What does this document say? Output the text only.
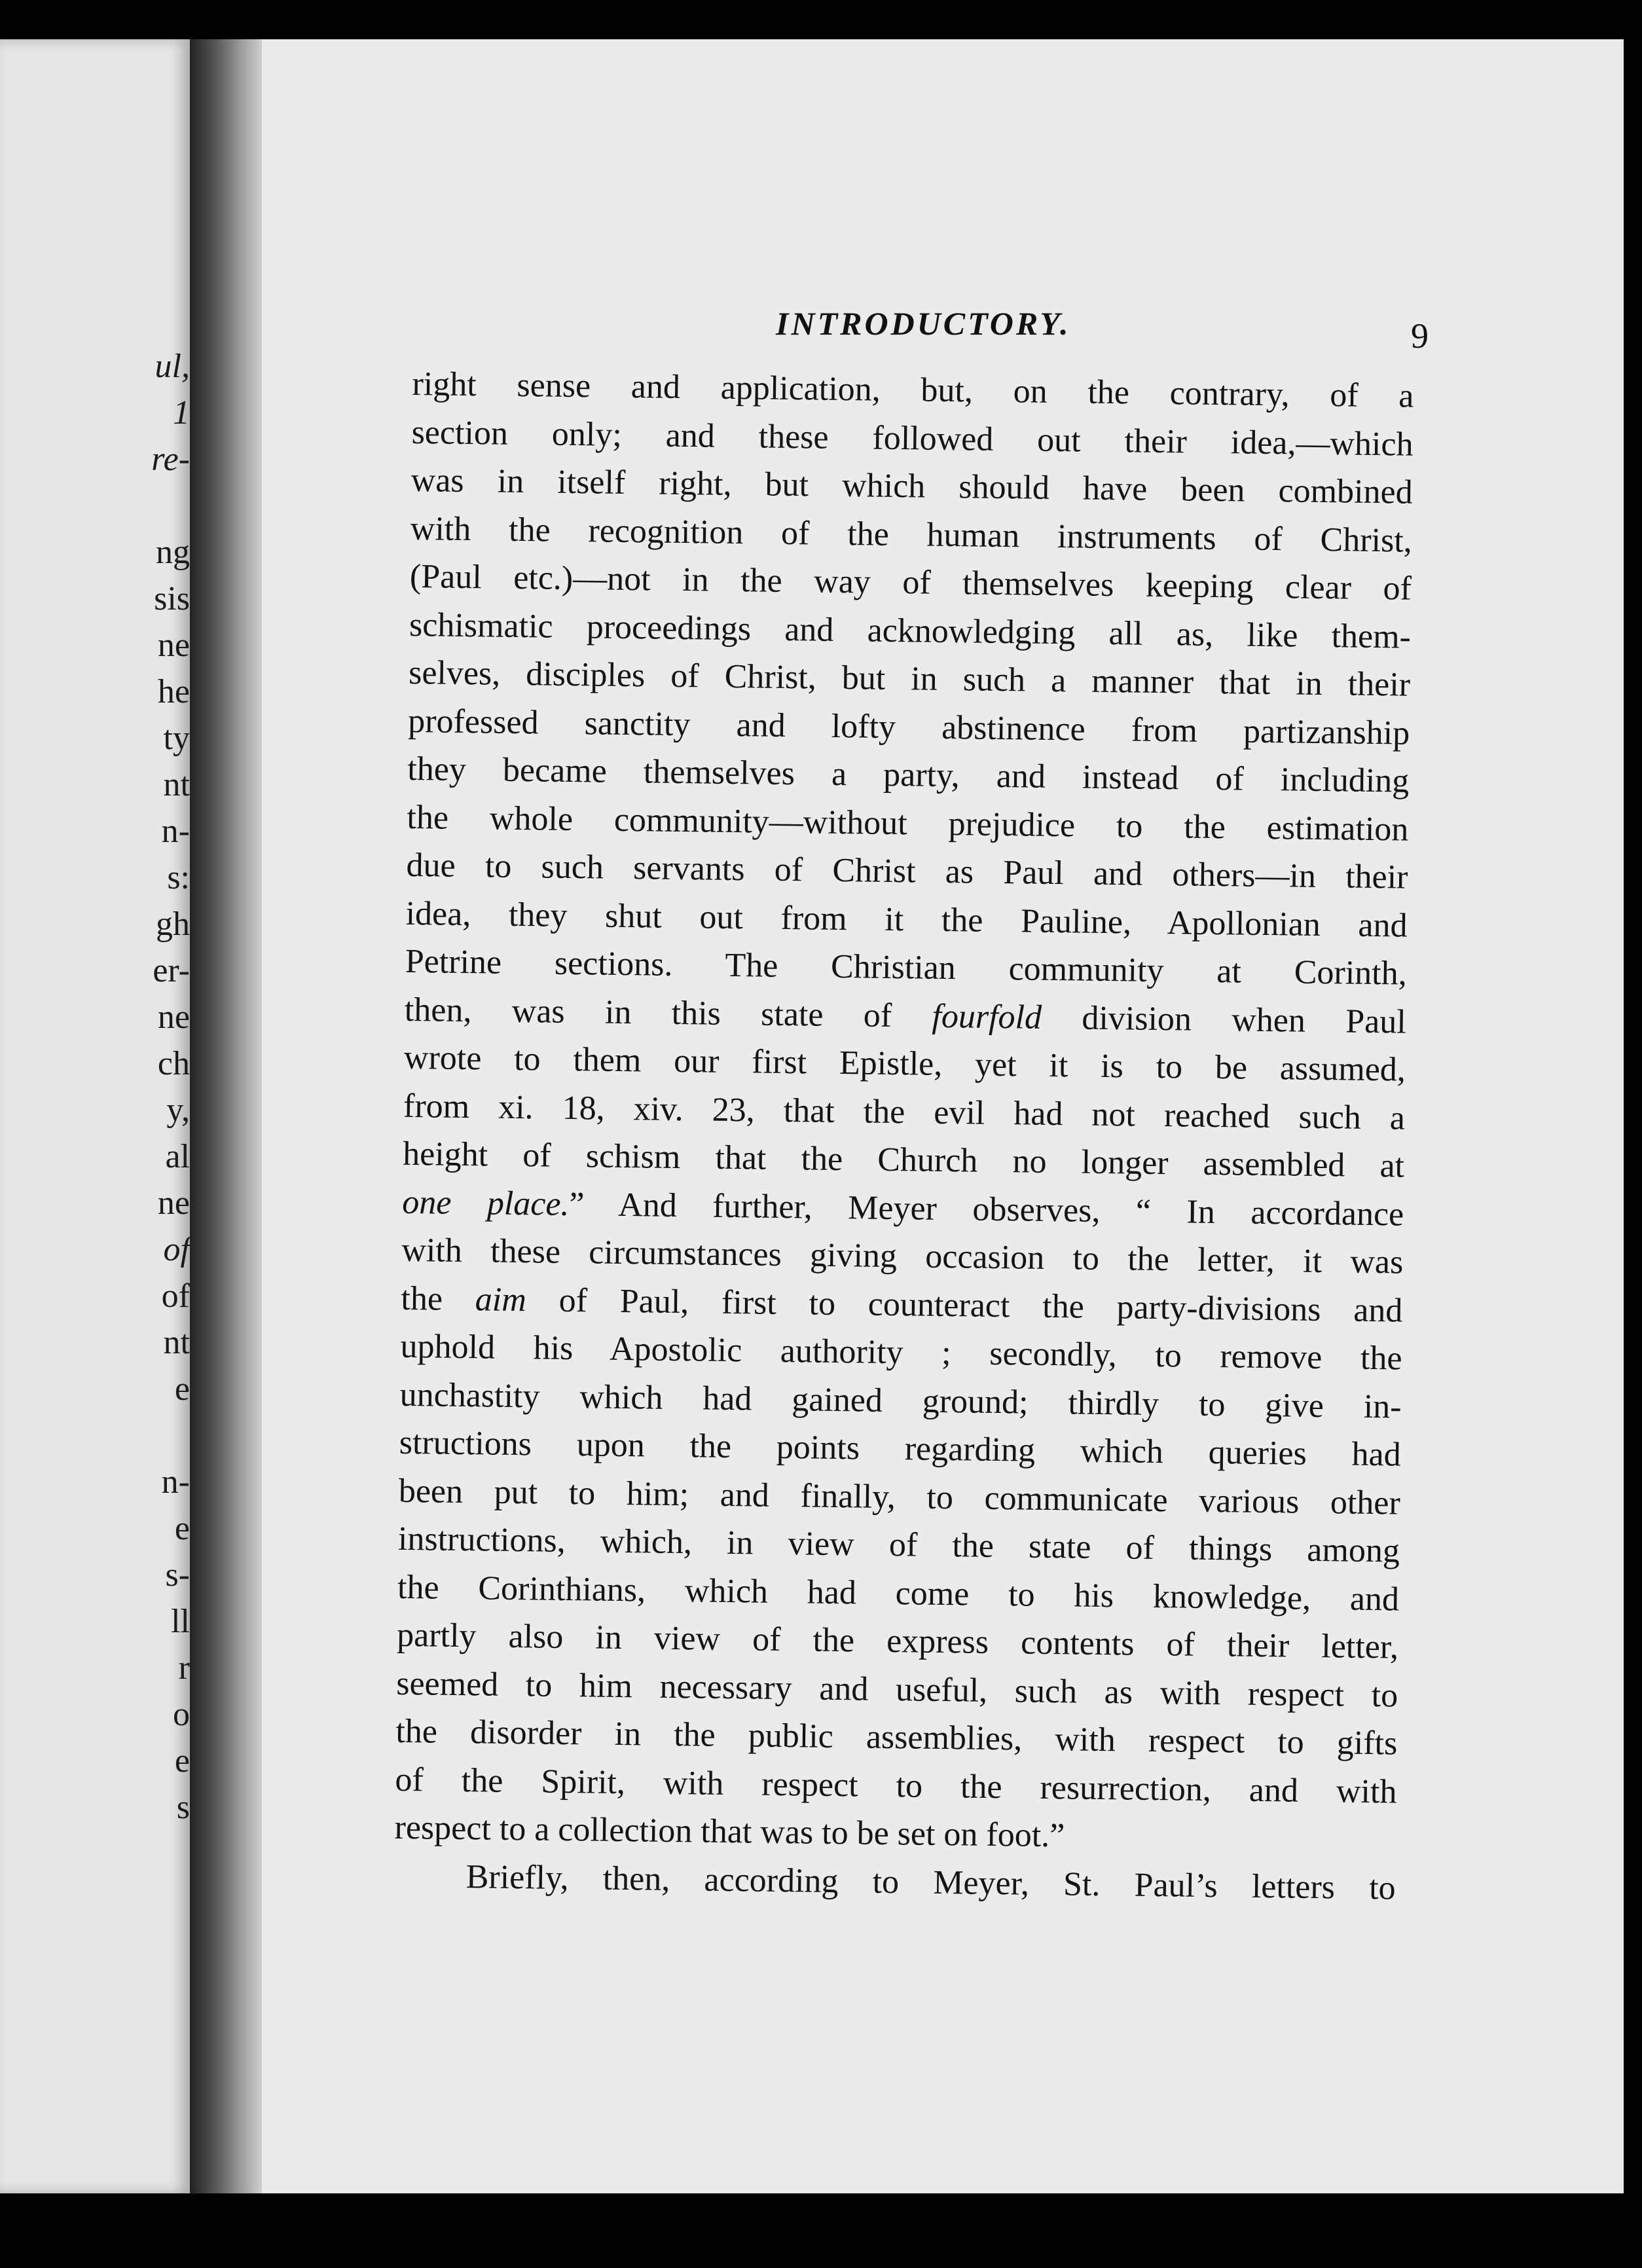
ul,
1
re-
ng
sis
ne
he
ty
nt
n-
s:
gh
er-
ne
ch
y,
al
ne
of
of
nt
e
n-
e
s-
ll
r
o
e
s
INTRODUCTORY.	9
right sense and application, but, on the contrary, of a
section only; and these followed out their idea,—which
was in itself right, but which should have been combined
with the recognition of the human instruments of Christ,
(Paul etc.)—not in the way of themselves keeping clear of
schismatic proceedings and acknowledging all as, like them-
selves, disciples of Christ, but in such a manner that in their
professed sanctity and lofty abstinence from partizanship
they became themselves a party, and instead of including
the whole community—without prejudice to the estimation
due to such servants of Christ as Paul and others—in their
idea, they shut out from it the Pauline, Apollonian and
Petrine sections. The Christian community at Corinth,
then, was in this state of fourfold division when Paul
wrote to them our first Epistle, yet it is to be assumed,
from xi. 18, xiv. 23, that the evil had not reached such a
height of schism that the Church no longer assembled at
one place.” And further, Meyer observes, “ In accordance
with these circumstances giving occasion to the letter, it was
the aim of Paul, first to counteract the party-divisions and
uphold his Apostolic authority ; secondly, to remove the
unchastity which had gained ground; thirdly to give in-
structions upon the points regarding which queries had
been put to him; and finally, to communicate various other
instructions, which, in view of the state of things among
the Corinthians, which had come to his knowledge, and
partly also in view of the express contents of their letter,
seemed to him necessary and useful, such as with respect to
the disorder in the public assemblies, with respect to gifts
of the Spirit, with respect to the resurrection, and with
respect to a collection that was to be set on foot.”
Briefly, then, according to Meyer, St. Paul’s letters to
